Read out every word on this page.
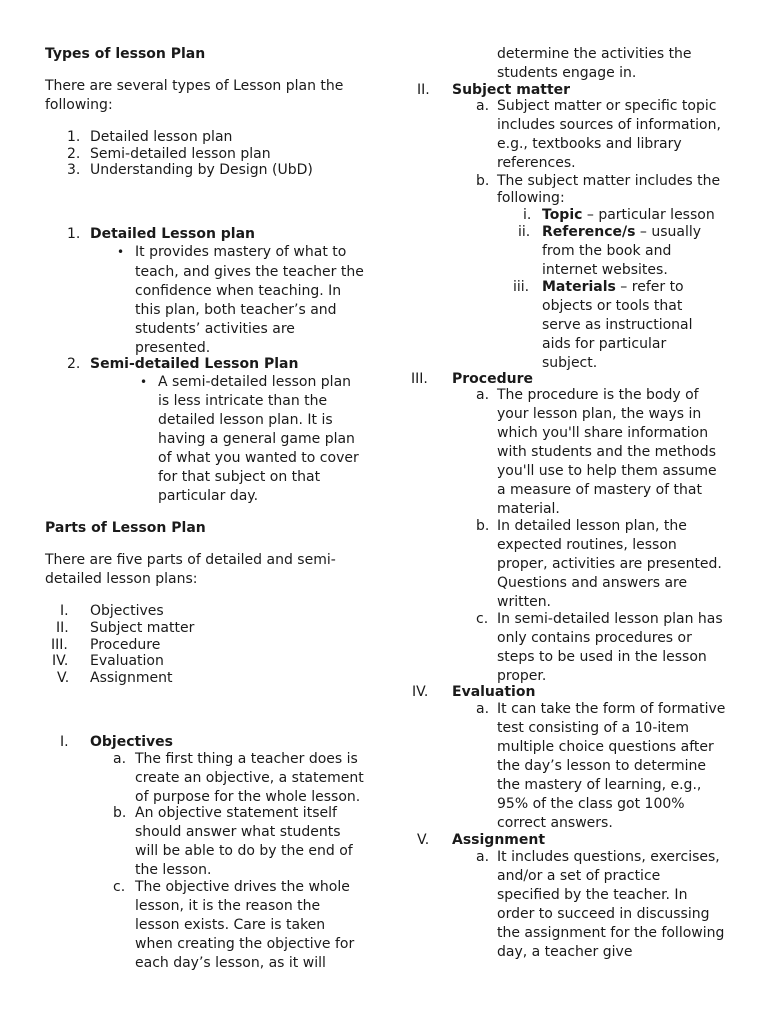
Types of lesson Plan
There are several types of Lesson plan the
following:
1. Detailed lesson plan
2. Semi-detailed lesson plan
3. Understanding by Design (UbD)
1. Detailed Lesson plan
• It provides mastery of what to
teach, and gives the teacher the
confidence when teaching. In
this plan, both teacher’s and
students’ activities are
presented.
2. Semi-detailed Lesson Plan
• A semi-detailed lesson plan
is less intricate than the
detailed lesson plan. It is
having a general game plan
of what you wanted to cover
for that subject on that
particular day.
Parts of Lesson Plan
There are five parts of detailed and semi-
detailed lesson plans:
I. Objectives
II. Subject matter
III. Procedure
IV. Evaluation
V. Assignment
I. Objectives
a. The first thing a teacher does is
create an objective, a statement
of purpose for the whole lesson.
b. An objective statement itself
should answer what students
will be able to do by the end of
the lesson.
c. The objective drives the whole
lesson, it is the reason the
lesson exists. Care is taken
when creating the objective for
each day’s lesson, as it will
determine the activities the
students engage in.
II. Subject matter
a. Subject matter or specific topic
includes sources of information,
e.g., textbooks and library
references.
b. The subject matter includes the
following:
i. Topic – particular lesson
ii. Reference/s – usually
from the book and
internet websites.
iii. Materials – refer to
objects or tools that
serve as instructional
aids for particular
subject.
III. Procedure
a. The procedure is the body of
your lesson plan, the ways in
which you'll share information
with students and the methods
you'll use to help them assume
a measure of mastery of that
material.
b. In detailed lesson plan, the
expected routines, lesson
proper, activities are presented.
Questions and answers are
written.
c. In semi-detailed lesson plan has
only contains procedures or
steps to be used in the lesson
proper.
IV. Evaluation
a. It can take the form of formative
test consisting of a 10-item
multiple choice questions after
the day’s lesson to determine
the mastery of learning, e.g.,
95% of the class got 100%
correct answers.
V. Assignment
a. It includes questions, exercises,
and/or a set of practice
specified by the teacher. In
order to succeed in discussing
the assignment for the following
day, a teacher give
